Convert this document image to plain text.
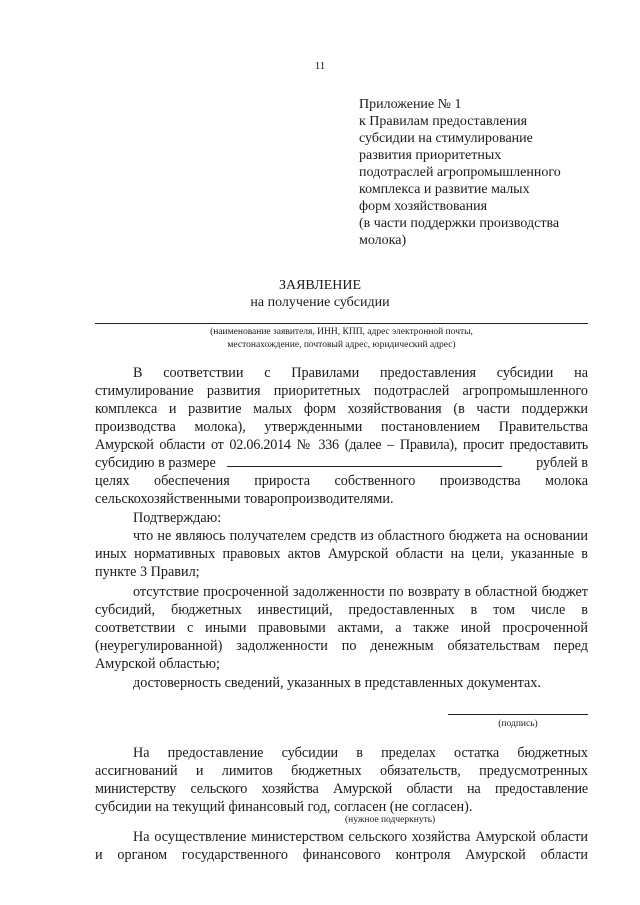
11
Приложение № 1
к Правилам предоставления
субсидии на стимулирование
развития приоритетных
подотраслей агропромышленного
комплекса и развитие малых
форм хозяйствования
(в части поддержки производства
молока)
ЗАЯВЛЕНИЕ
на получение субсидии
(наименование заявителя, ИНН, КПП, адрес электронной почты,
местонахождение, почтовый адрес, юридический адрес)
В соответствии с Правилами предоставления субсидии на
стимулирование развития приоритетных подотраслей агропромышленного
комплекса и развитие малых форм хозяйствования (в части поддержки
производства молока), утвержденными постановлением Правительства
Амурской области от 02.06.2014 № 336 (далее – Правила), просит предоставить
субсидию в размере	рублей в
целях обеспечения прироста собственного производства молока
сельскохозяйственными товаропроизводителями.
Подтверждаю:
что не являюсь получателем средств из областного бюджета на основании
иных нормативных правовых актов Амурской области на цели, указанные в
пункте 3 Правил;
отсутствие просроченной задолженности по возврату в областной бюджет
субсидий, бюджетных инвестиций, предоставленных в том числе в
соответствии с иными правовыми актами, а также иной просроченной
(неурегулированной) задолженности по денежным обязательствам перед
Амурской областью;
достоверность сведений, указанных в представленных документах.
(подпись)
На предоставление субсидии в пределах остатка бюджетных
ассигнований и лимитов бюджетных обязательств, предусмотренных
министерству сельского хозяйства Амурской области на предоставление
субсидии на текущий финансовый год, согласен (не согласен).
(нужное подчеркнуть)
На осуществление министерством сельского хозяйства Амурской области
и органом государственного финансового контроля Амурской области
